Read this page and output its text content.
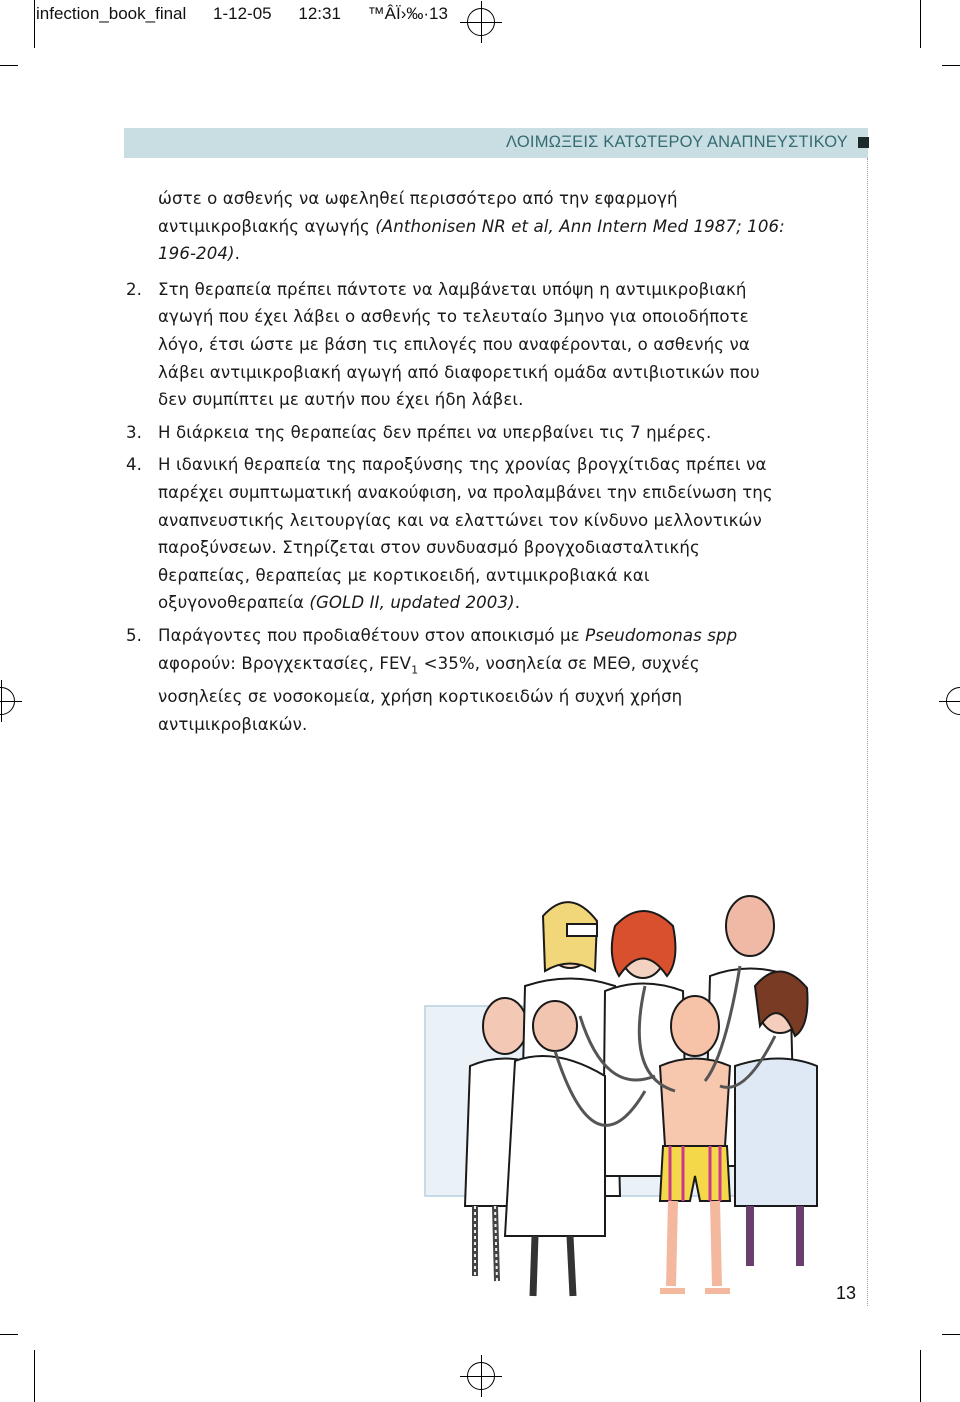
infection_book_final 1-12-05 12:31 ™ÂÏ›‰·13
ΛΟΙΜΩΞΕΙΣ ΚΑΤΩΤΕΡΟΥ ΑΝΑΠΝΕΥΣΤΙΚΟΥ

ώστε ο ασθενής να ωφεληθεί περισσότερο από την εφαρμογή αντιμικροβιακής αγωγής (Anthonisen NR et al, Ann Intern Med 1987; 106: 196-204).

2. Στη θεραπεία πρέπει πάντοτε να λαμβάνεται υπόψη η αντιμικροβιακή αγωγή που έχει λάβει ο ασθενής το τελευταίο 3μηνο για οποιοδήποτε λόγο, έτσι ώστε με βάση τις επιλογές που αναφέρονται, ο ασθενής να λάβει αντιμικροβιακή αγωγή από διαφορετική ομάδα αντιβιοτικών που δεν συμπίπτει με αυτήν που έχει ήδη λάβει.

3. Η διάρκεια της θεραπείας δεν πρέπει να υπερβαίνει τις 7 ημέρες.

4. Η ιδανική θεραπεία της παροξύνσης της χρονίας βρογχίτιδας πρέπει να παρέχει συμπτωματική ανακούφιση, να προλαμβάνει την επιδείνωση της αναπνευστικής λειτουργίας και να ελαττώνει τον κίνδυνο μελλοντικών παροξύνσεων. Στηρίζεται στον συνδυασμό βρογχοδιασταλτικής θεραπείας, θεραπείας με κορτικοειδή, αντιμικροβιακά και οξυγονοθεραπεία (GOLD II, updated 2003).

5. Παράγοντες που προδιαθέτουν στον αποικισμό με Pseudomonas spp αφορούν: Βρογχεκτασίες, $FEV_1 <35\%$, νοσηλεία σε ΜΕΘ, συχνές νοσηλείες σε νοσοκομεία, χρήση κορτικοειδών ή συχνή χρήση αντιμικροβιακών.

13
